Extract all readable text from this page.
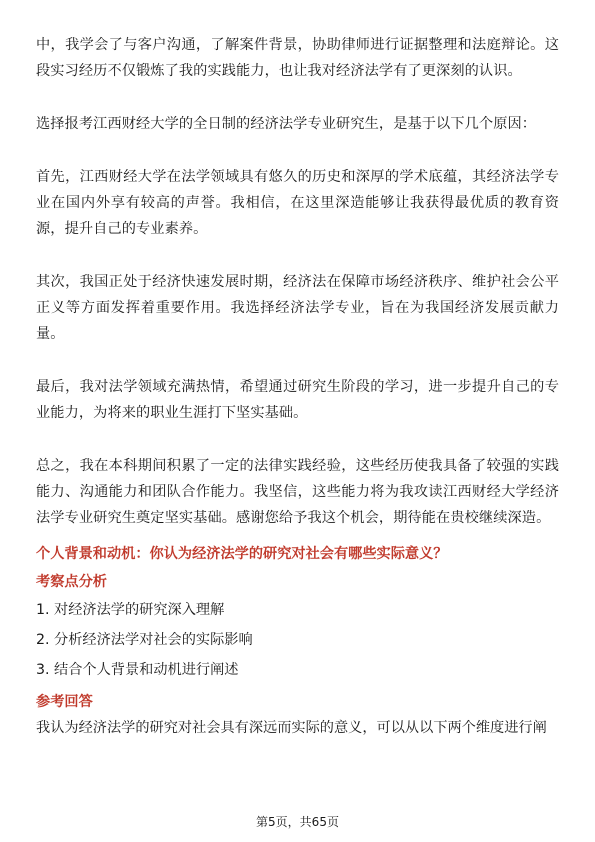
中，我学会了与客户沟通，了解案件背景，协助律师进行证据整理和法庭辩论。这段实习经历不仅锻炼了我的实践能力，也让我对经济法学有了更深刻的认识。

选择报考江西财经大学的全日制的经济法学专业研究生，是基于以下几个原因：

首先，江西财经大学在法学领域具有悠久的历史和深厚的学术底蕴，其经济法学专业在国内外享有较高的声誉。我相信，在这里深造能够让我获得最优质的教育资源，提升自己的专业素养。

其次，我国正处于经济快速发展时期，经济法在保障市场经济秩序、维护社会公平正义等方面发挥着重要作用。我选择经济法学专业，旨在为我国经济发展贡献力量。

最后，我对法学领域充满热情，希望通过研究生阶段的学习，进一步提升自己的专业能力，为将来的职业生涯打下坚实基础。

总之，我在本科期间积累了一定的法律实践经验，这些经历使我具备了较强的实践能力、沟通能力和团队合作能力。我坚信，这些能力将为我攻读江西财经大学经济法学专业研究生奠定坚实基础。感谢您给予我这个机会，期待能在贵校继续深造。

个人背景和动机：你认为经济法学的研究对社会有哪些实际意义？

考察点分析

1. 对经济法学的研究深入理解

2. 分析经济法学对社会的实际影响

3. 结合个人背景和动机进行阐述

参考回答

我认为经济法学的研究对社会具有深远而实际的意义，可以从以下两个维度进行阐

第5页，共65页
